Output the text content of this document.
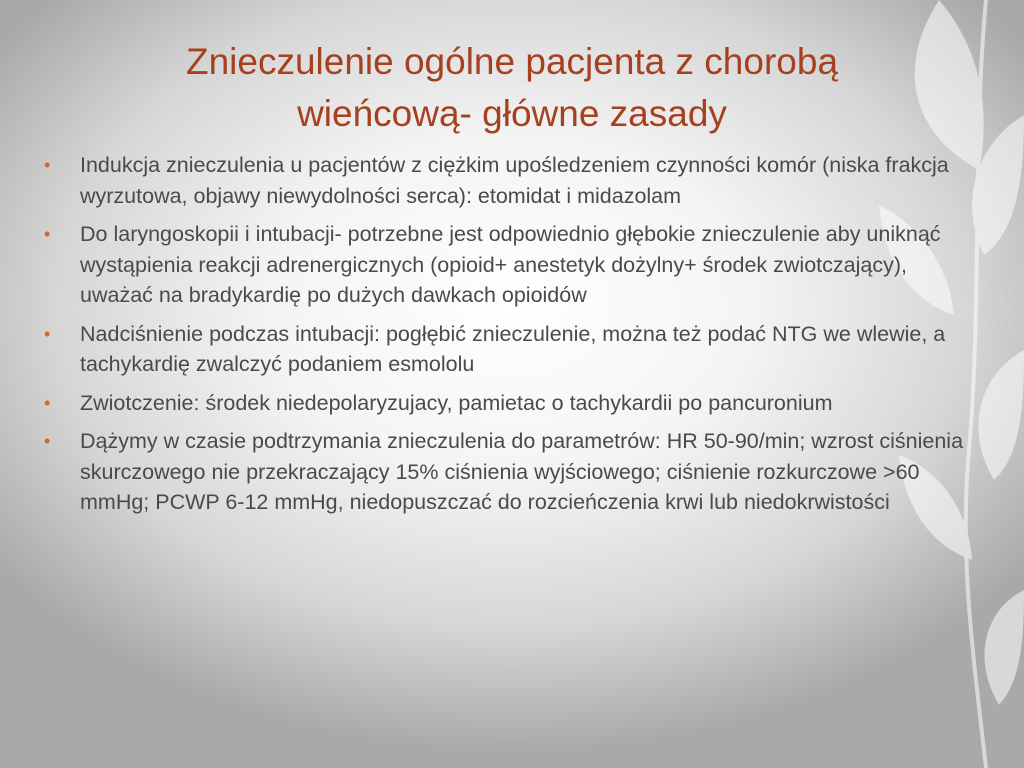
Znieczulenie ogólne pacjenta z chorobą
wieńcową- główne zasady
• Indukcja znieczulenia u pacjentów z ciężkim upośledzeniem czynności komór (niska frakcja wyrzutowa, objawy niewydolności serca): etomidat i midazolam
• Do laryngoskopii i intubacji- potrzebne jest odpowiednio głębokie znieczulenie aby uniknąć wystąpienia reakcji adrenergicznych (opioid+ anestetyk dożylny+ środek zwiotczający), uważać na bradykardię po dużych dawkach opioidów
• Nadciśnienie podczas intubacji: pogłębić znieczulenie, można też podać NTG we wlewie, a tachykardię zwalczyć podaniem esmololu
• Zwiotczenie: środek niedepolaryzujacy, pamietac o tachykardii po pancuronium
• Dążymy w czasie podtrzymania znieczulenia do parametrów: HR 50-90/min; wzrost ciśnienia skurczowego nie przekraczający 15% ciśnienia wyjściowego; ciśnienie rozkurczowe >60 mmHg; PCWP 6-12 mmHg, niedopuszczać do rozcieńczenia krwi lub niedokrwistości
